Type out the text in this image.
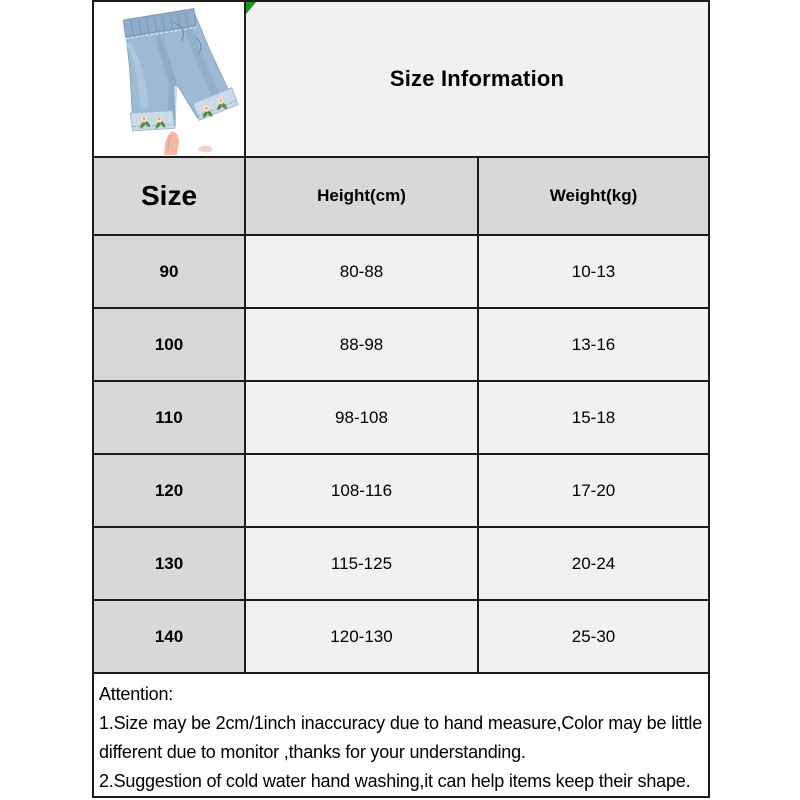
Size Information	
Size	Height(cm)	Weight(kg)
90	80-88	10-13
100	88-98	13-16
110	98-108	15-18
120	108-116	17-20
130	115-125	20-24
140	120-130	25-30

Attention:
1.Size may be 2cm/1inch inaccuracy due to hand measure,Color may be little different due to monitor ,thanks for your understanding.
2.Suggestion of cold water hand washing,it can help items keep their shape.		
